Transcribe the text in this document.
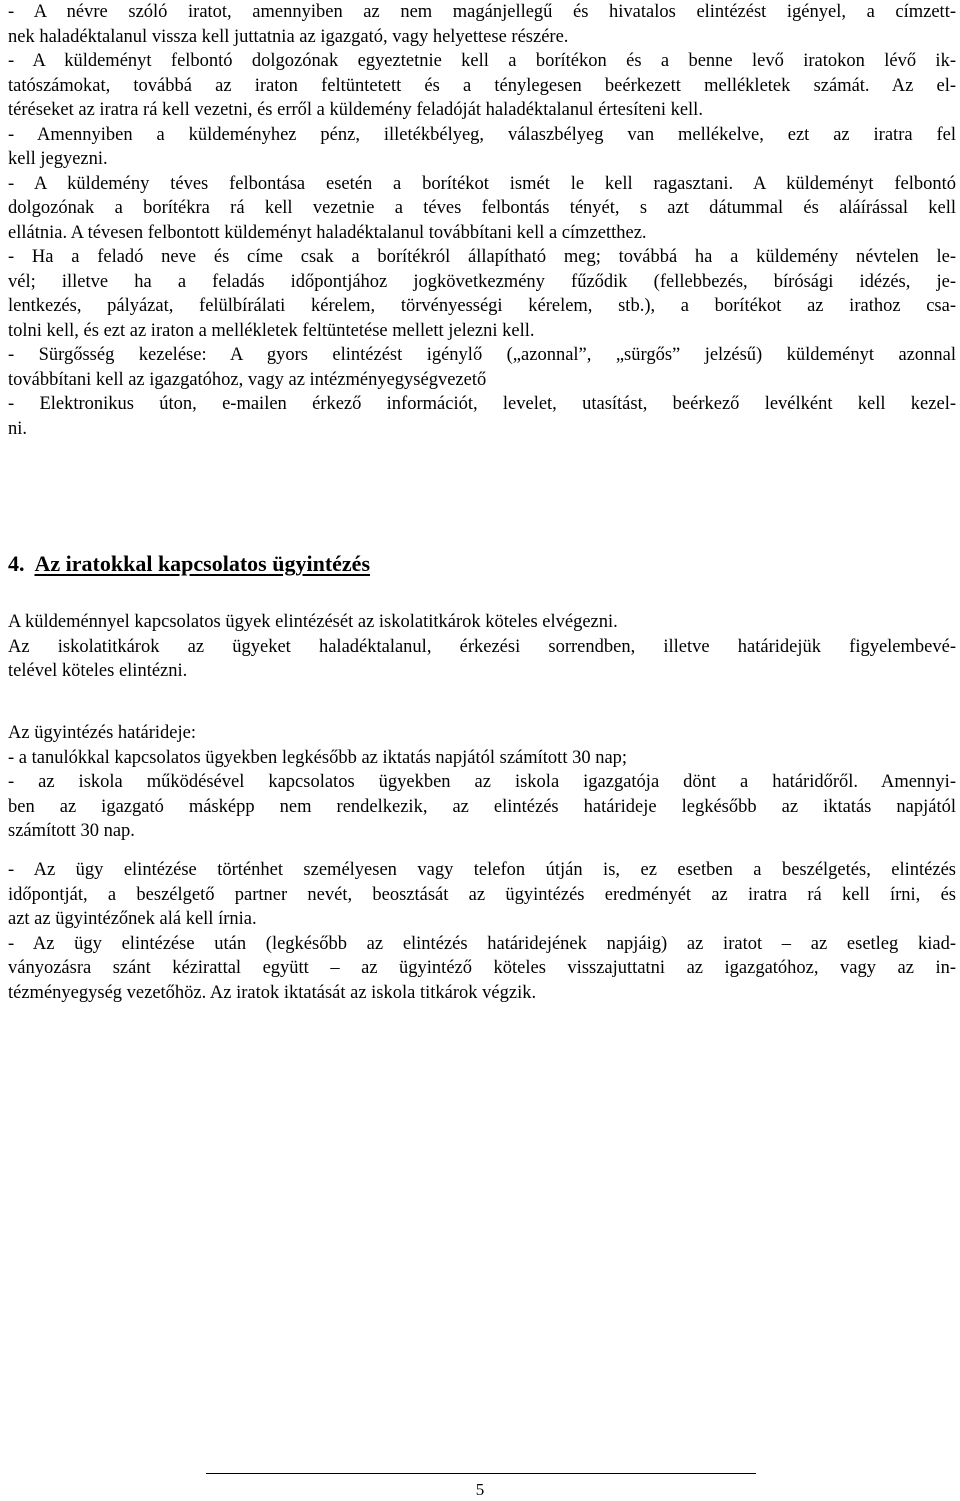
- A névre szóló iratot, amennyiben az nem magánjellegű és hivatalos elintézést igényel, a címzett-
nek haladéktalanul vissza kell juttatnia az igazgató, vagy helyettese részére.
- A küldeményt felbontó dolgozónak egyeztetnie kell a borítékon és a benne levő iratokon lévő ik-
tatószámokat, továbbá az iraton feltüntetett és a ténylegesen beérkezett mellékletek számát. Az el-
téréseket az iratra rá kell vezetni, és erről a küldemény feladóját haladéktalanul értesíteni kell.
- Amennyiben a küldeményhez pénz, illetékbélyeg, válaszbélyeg van mellékelve, ezt az iratra fel
kell jegyezni.
- A küldemény téves felbontása esetén a borítékot ismét le kell ragasztani. A küldeményt felbontó
dolgozónak a borítékra rá kell vezetnie a téves felbontás tényét, s azt dátummal és aláírással kell
ellátnia. A tévesen felbontott küldeményt haladéktalanul továbbítani kell a címzetthez.
- Ha a feladó neve és címe csak a borítékról állapítható meg; továbbá ha a küldemény névtelen le-
vél; illetve ha a feladás időpontjához jogkövetkezmény fűződik (fellebbezés, bírósági idézés, je-
lentkezés, pályázat, felülbírálati kérelem, törvényességi kérelem, stb.), a borítékot az irathoz csa-
tolni kell, és ezt az iraton a mellékletek feltüntetése mellett jelezni kell.
- Sürgősség kezelése: A gyors elintézést igénylő („azonnal”, „sürgős” jelzésű) küldeményt azonnal
továbbítani kell az igazgatóhoz, vagy az intézményegységvezető
- Elektronikus úton, e-mailen érkező információt, levelet, utasítást, beérkező levélként kell kezel-
ni.
4. Az iratokkal kapcsolatos ügyintézés
A küldeménnyel kapcsolatos ügyek elintézését az iskolatitkárok köteles elvégezni.
Az iskolatitkárok az ügyeket haladéktalanul, érkezési sorrendben, illetve határidejük figyelembevé-
telével köteles elintézni.
Az ügyintézés határideje:
- a tanulókkal kapcsolatos ügyekben legkésőbb az iktatás napjától számított 30 nap;
- az iskola működésével kapcsolatos ügyekben az iskola igazgatója dönt a határidőről. Amennyi-
ben az igazgató másképp nem rendelkezik, az elintézés határideje legkésőbb az iktatás napjától
számított 30 nap.
- Az ügy elintézése történhet személyesen vagy telefon útján is, ez esetben a beszélgetés, elintézés
időpontját, a beszélgető partner nevét, beosztását az ügyintézés eredményét az iratra rá kell írni, és
azt az ügyintézőnek alá kell írnia.
- Az ügy elintézése után (legkésőbb az elintézés határidejének napjáig) az iratot – az esetleg kiad-
ványozásra szánt kézirattal együtt – az ügyintéző köteles visszajuttatni az igazgatóhoz, vagy az in-
tézményegység vezetőhöz. Az iratok iktatását az iskola titkárok végzik.
5
